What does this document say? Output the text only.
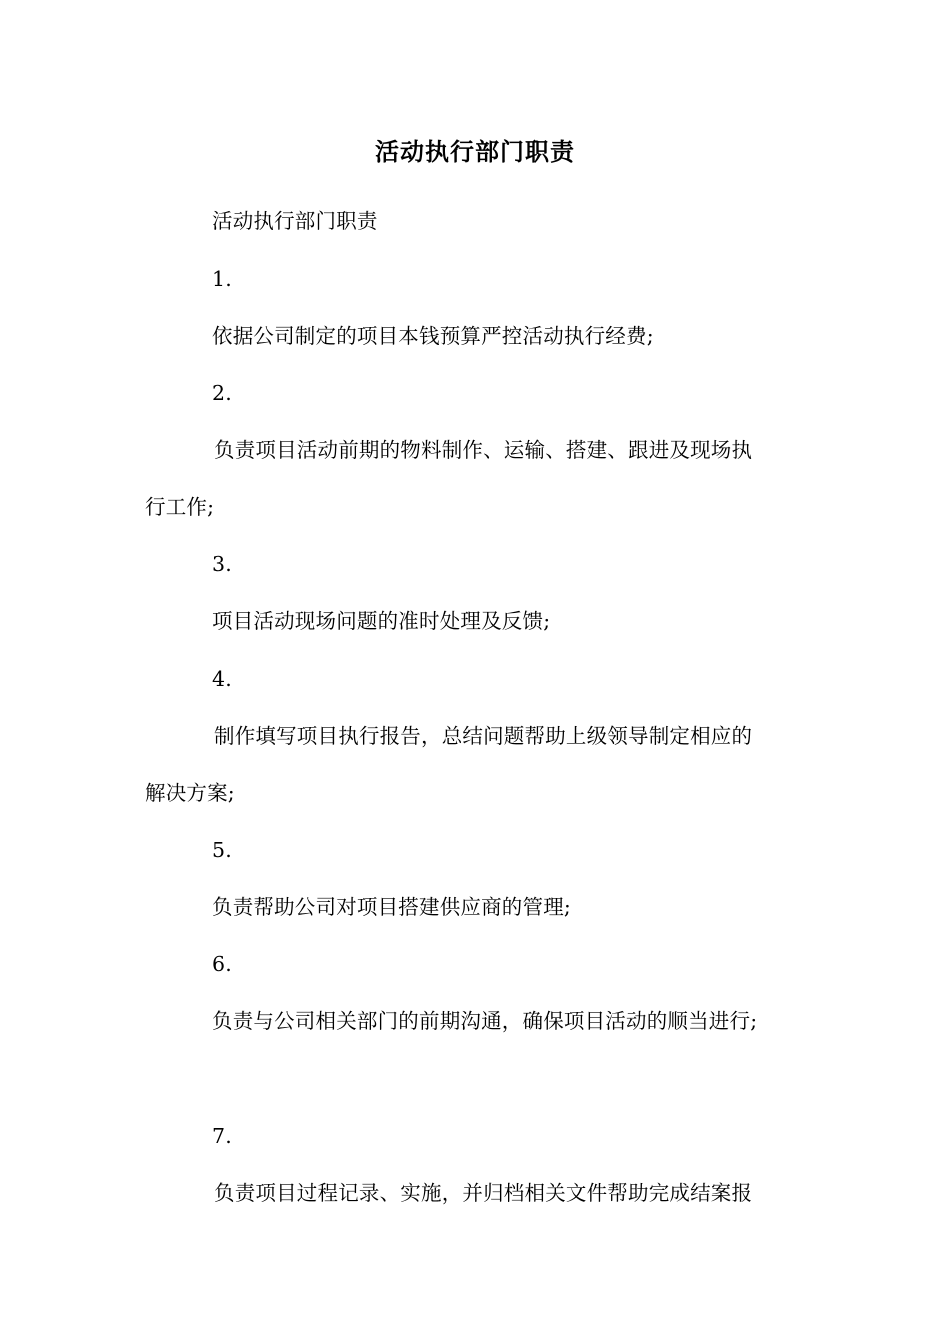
活动执行部门职责
活动执行部门职责
1.
依据公司制定的项目本钱预算严控活动执行经费;
2.
负责项目活动前期的物料制作、运输、搭建、跟进及现场执
行工作;
3.
项目活动现场问题的准时处理及反馈;
4.
制作填写项目执行报告，总结问题帮助上级领导制定相应的
解决方案;
5.
负责帮助公司对项目搭建供应商的管理;
6.
负责与公司相关部门的前期沟通，确保项目活动的顺当进行;
7.
负责项目过程记录、实施，并归档相关文件帮助完成结案报
